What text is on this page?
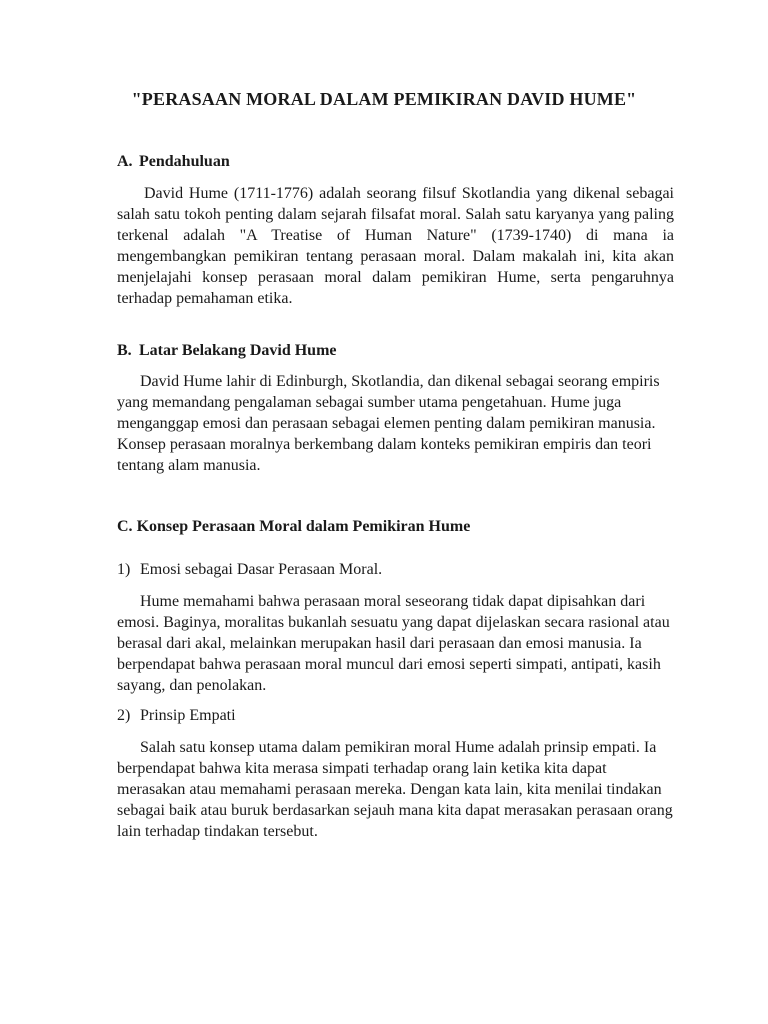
"PERASAAN MORAL DALAM PEMIKIRAN DAVID HUME"
A. Pendahuluan

David Hume (1711-1776) adalah seorang filsuf Skotlandia yang dikenal sebagai salah satu tokoh penting dalam sejarah filsafat moral. Salah satu karyanya yang paling terkenal adalah "A Treatise of Human Nature" (1739-1740) di mana ia mengembangkan pemikiran tentang perasaan moral. Dalam makalah ini, kita akan menjelajahi konsep perasaan moral dalam pemikiran Hume, serta pengaruhnya terhadap pemahaman etika.

B. Latar Belakang David Hume

David Hume lahir di Edinburgh, Skotlandia, dan dikenal sebagai seorang empiris yang memandang pengalaman sebagai sumber utama pengetahuan. Hume juga menganggap emosi dan perasaan sebagai elemen penting dalam pemikiran manusia. Konsep perasaan moralnya berkembang dalam konteks pemikiran empiris dan teori tentang alam manusia.

C. Konsep Perasaan Moral dalam Pemikiran Hume
1) Emosi sebagai Dasar Perasaan Moral.

Hume memahami bahwa perasaan moral seseorang tidak dapat dipisahkan dari emosi. Baginya, moralitas bukanlah sesuatu yang dapat dijelaskan secara rasional atau berasal dari akal, melainkan merupakan hasil dari perasaan dan emosi manusia. Ia berpendapat bahwa perasaan moral muncul dari emosi seperti simpati, antipati, kasih sayang, dan penolakan.

2) Prinsip Empati

Salah satu konsep utama dalam pemikiran moral Hume adalah prinsip empati. Ia berpendapat bahwa kita merasa simpati terhadap orang lain ketika kita dapat merasakan atau memahami perasaan mereka. Dengan kata lain, kita menilai tindakan sebagai baik atau buruk berdasarkan sejauh mana kita dapat merasakan perasaan orang lain terhadap tindakan tersebut.
